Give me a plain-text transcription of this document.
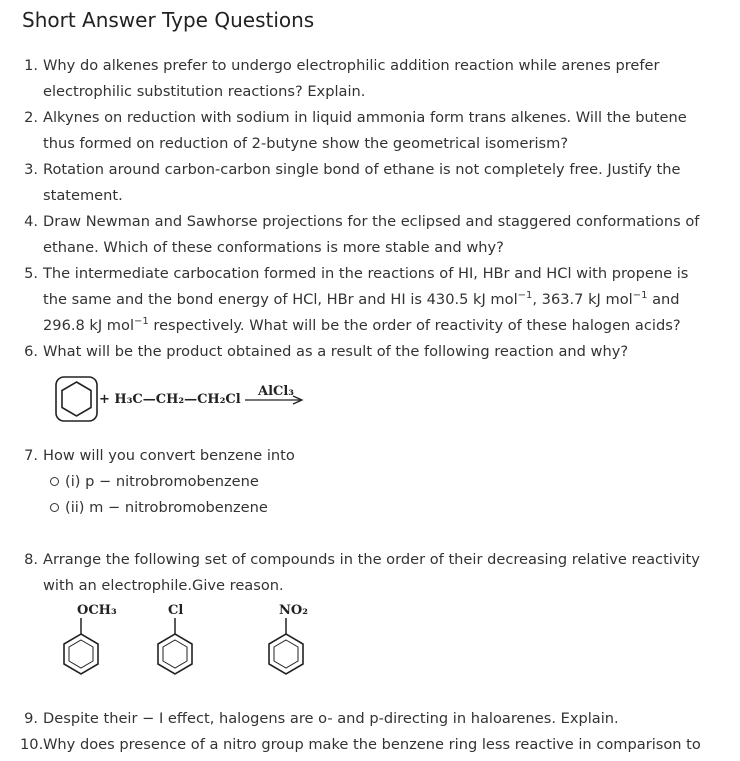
Short Answer Type Questions
1. Why do alkenes prefer to undergo electrophilic addition reaction while arenes prefer
electrophilic substitution reactions? Explain.
2. Alkynes on reduction with sodium in liquid ammonia form trans alkenes. Will the butene
thus formed on reduction of 2-butyne show the geometrical isomerism?
3. Rotation around carbon-carbon single bond of ethane is not completely free. Justify the
statement.
4. Draw Newman and Sawhorse projections for the eclipsed and staggered conformations of
ethane. Which of these conformations is more stable and why?
5. The intermediate carbocation formed in the reactions of HI, HBr and HCl with propene is
the same and the bond energy of HCl, HBr and HI is 430.5 kJ mol$^{-1}$, 363.7 kJ mol$^{-1}$ and
296.8 kJ mol$^{-1}$ respectively. What will be the order of reactivity of these halogen acids?
6. What will be the product obtained as a result of the following reaction and why?
+ H₃C—CH₂—CH₂Cl
AlCl₃
7. How will you convert benzene into
(i) p − nitrobromobenzene
(ii) m − nitrobromobenzene
8. Arrange the following set of compounds in the order of their decreasing relative reactivity
with an electrophile.Give reason.
OCH₃	Cl	NO₂
9. Despite their − I effect, halogens are o- and p-directing in haloarenes. Explain.
10. Why does presence of a nitro group make the benzene ring less reactive in comparison to
